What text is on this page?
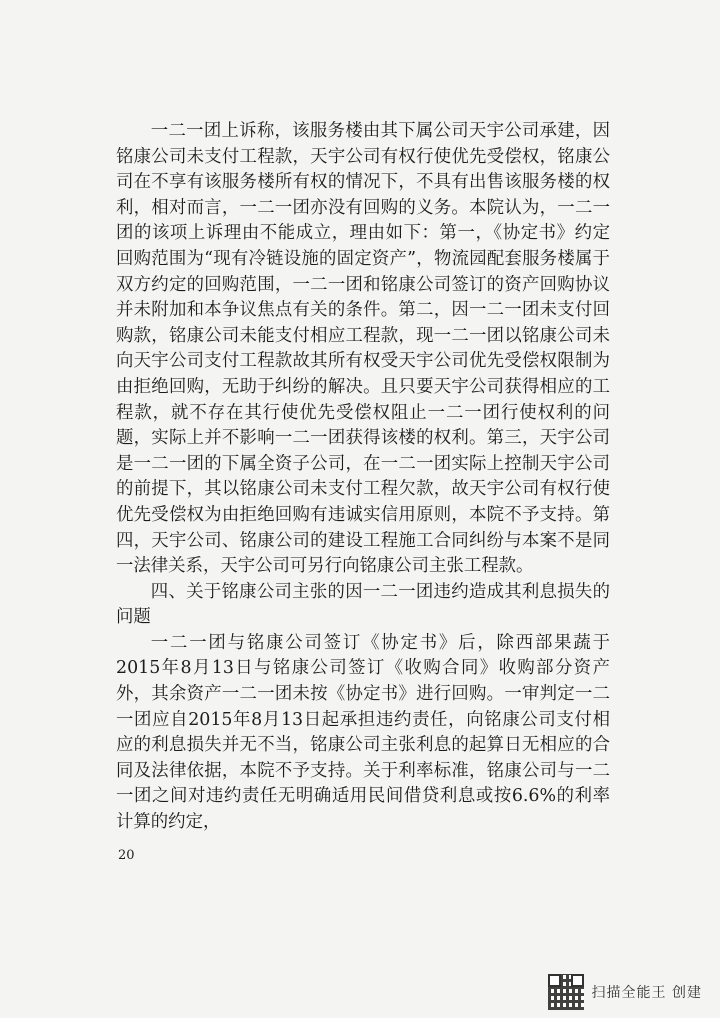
一二一团上诉称，该服务楼由其下属公司天宇公司承建，因铭康公司未支付工程款，天宇公司有权行使优先受偿权，铭康公司在不享有该服务楼所有权的情况下，不具有出售该服务楼的权利，相对而言，一二一团亦没有回购的义务。本院认为，一二一团的该项上诉理由不能成立，理由如下：第一，《协定书》约定回购范围为“现有冷链设施的固定资产”，物流园配套服务楼属于双方约定的回购范围，一二一团和铭康公司签订的资产回购协议并未附加和本争议焦点有关的条件。第二，因一二一团未支付回购款，铭康公司未能支付相应工程款，现一二一团以铭康公司未向天宇公司支付工程款故其所有权受天宇公司优先受偿权限制为由拒绝回购，无助于纠纷的解决。且只要天宇公司获得相应的工程款，就不存在其行使优先受偿权阻止一二一团行使权利的问题，实际上并不影响一二一团获得该楼的权利。第三，天宇公司是一二一团的下属全资子公司，在一二一团实际上控制天宇公司的前提下，其以铭康公司未支付工程欠款，故天宇公司有权行使优先受偿权为由拒绝回购有违诚实信用原则，本院不予支持。第四，天宇公司、铭康公司的建设工程施工合同纠纷与本案不是同一法律关系，天宇公司可另行向铭康公司主张工程款。

四、关于铭康公司主张的因一二一团违约造成其利息损失的问题

一二一团与铭康公司签订《协定书》后，除西部果蔬于2015年8月13日与铭康公司签订《收购合同》收购部分资产外，其余资产一二一团未按《协定书》进行回购。一审判定一二一团应自2015年8月13日起承担违约责任，向铭康公司支付相应的利息损失并无不当，铭康公司主张利息的起算日无相应的合同及法律依据，本院不予支持。关于利率标准，铭康公司与一二一团之间对违约责任无明确适用民间借贷利息或按6.6%的利率计算的约定，

20
扫描全能王 创建
